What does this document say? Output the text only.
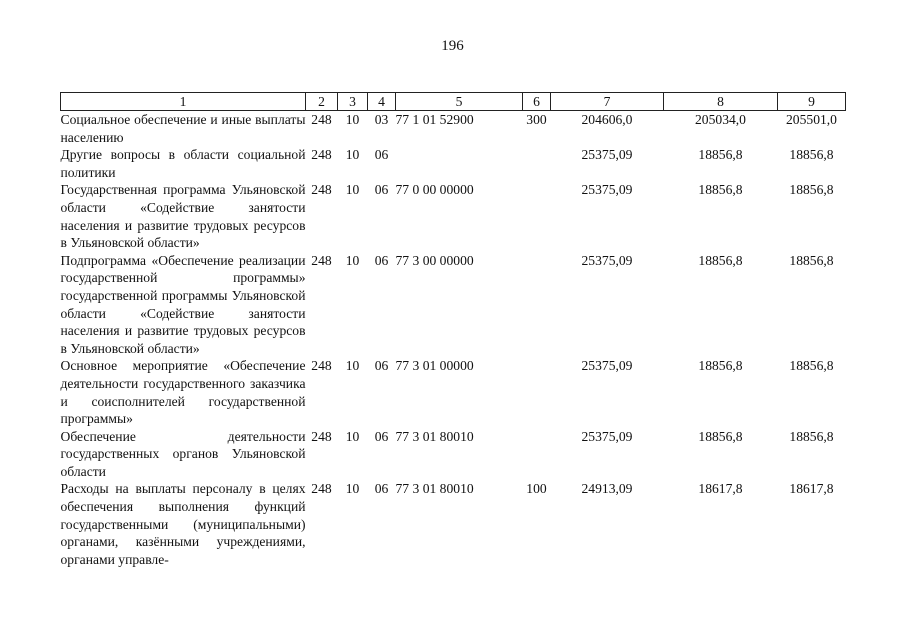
196
1	2	3	4	5	6	7	8	9
Социальное обеспечение и иные выплаты населению	248	10	03	77 1 01 52900	300	204606,0	205034,0	205501,0
Другие вопросы в области социальной политики	248	10	06			25375,09	18856,8	18856,8
Государственная программа Ульяновской области «Содействие занятости населения и развитие трудовых ресурсов в Ульяновской области»	248	10	06	77 0 00 00000		25375,09	18856,8	18856,8
Подпрограмма «Обеспечение реализации государственной программы» государственной программы Ульяновской области «Содействие занятости населения и развитие трудовых ресурсов в Ульяновской области»	248	10	06	77 3 00 00000		25375,09	18856,8	18856,8
Основное мероприятие «Обеспечение деятельности государственного заказчика и соисполнителей государственной программы»	248	10	06	77 3 01 00000		25375,09	18856,8	18856,8
Обеспечение деятельности государственных органов Ульяновской области	248	10	06	77 3 01 80010		25375,09	18856,8	18856,8
Расходы на выплаты персоналу в целях обеспечения выполнения функций государственными (муниципальными) органами, казёнными учреждениями, органами управле-	248	10	06	77 3 01 80010	100	24913,09	18617,8	18617,8
